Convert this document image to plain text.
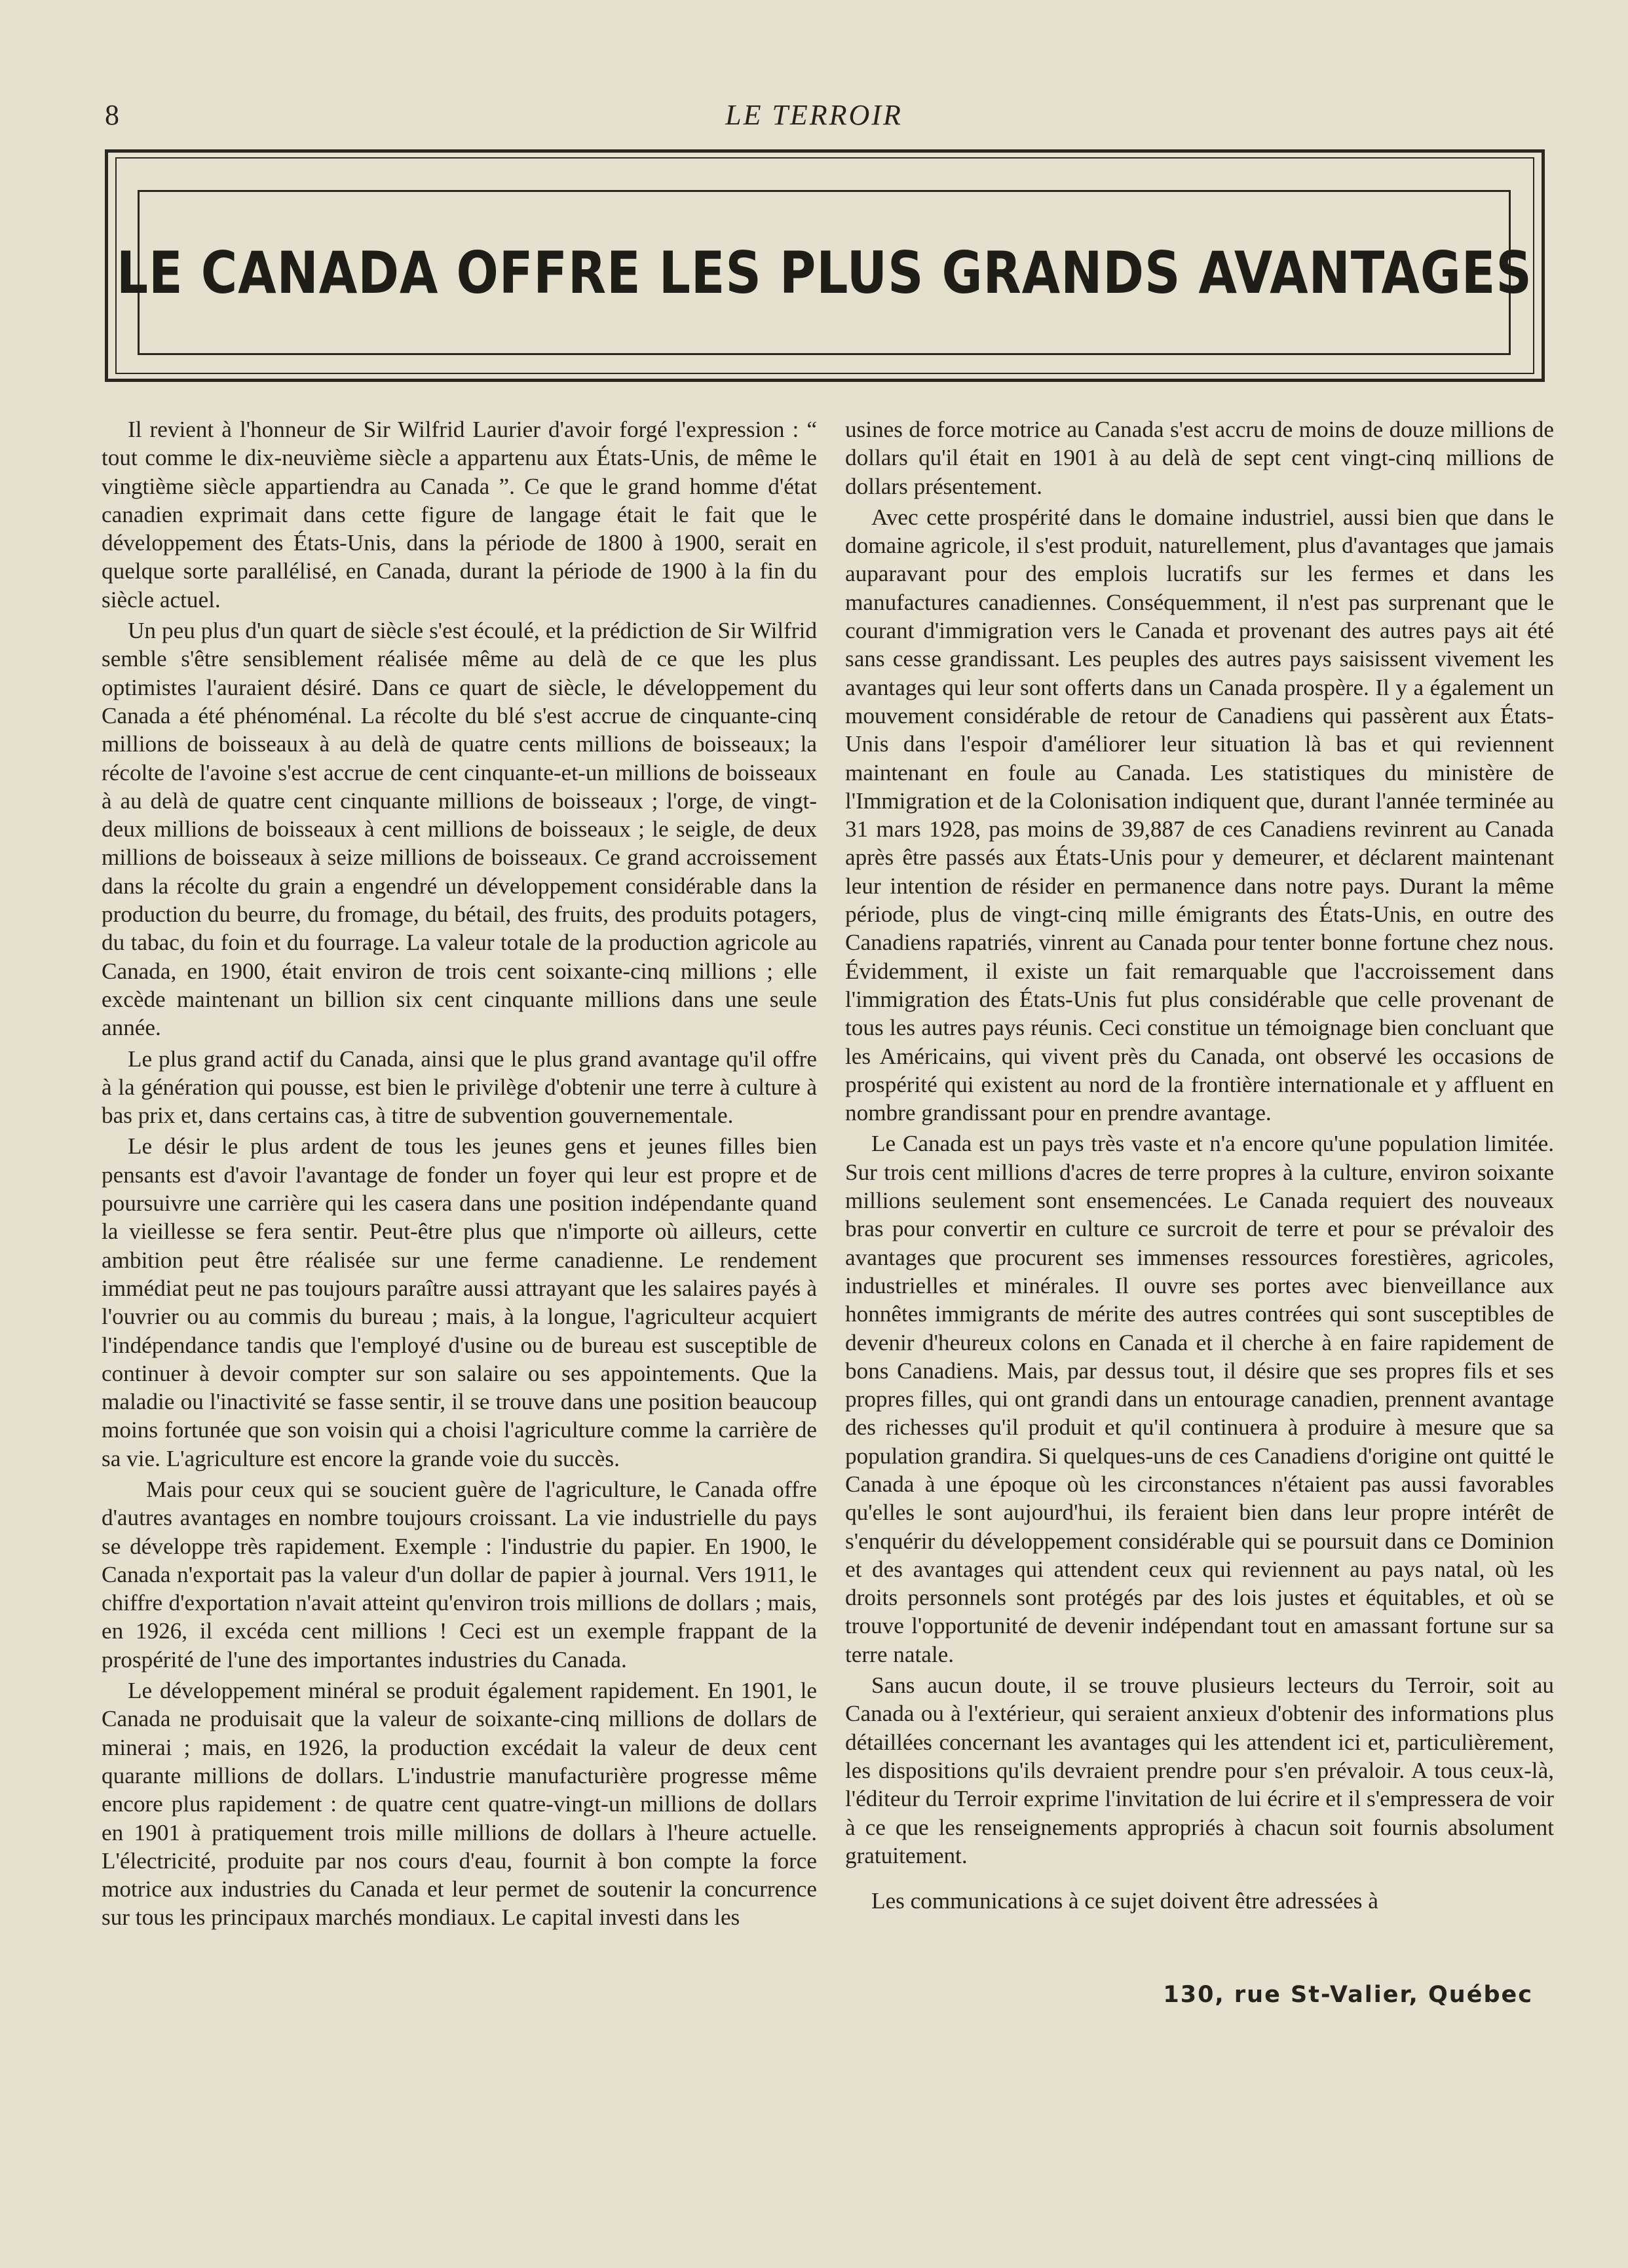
8	LE TERROIR
LE CANADA OFFRE LES PLUS GRANDS AVANTAGES

Il revient à l'honneur de Sir Wilfrid Laurier d'avoir forgé l'expression : “ tout comme le dix-neuvième siècle a appartenu aux États-Unis, de même le vingtième siècle appartiendra au Canada ”. Ce que le grand homme d'état canadien exprimait dans cette figure de langage était le fait que le développement des États-Unis, dans la période de 1800 à 1900, serait en quelque sorte parallélisé, en Canada, durant la période de 1900 à la fin du siècle actuel.

Un peu plus d'un quart de siècle s'est écoulé, et la prédiction de Sir Wilfrid semble s'être sensiblement réalisée même au delà de ce que les plus optimistes l'auraient désiré. Dans ce quart de siècle, le développement du Canada a été phénoménal. La récolte du blé s'est accrue de cinquante-cinq millions de boisseaux à au delà de quatre cents millions de boisseaux; la récolte de l'avoine s'est accrue de cent cinquante-et-un millions de boisseaux à au delà de quatre cent cinquante millions de boisseaux ; l'orge, de vingt-deux millions de boisseaux à cent millions de boisseaux ; le seigle, de deux millions de boisseaux à seize millions de boisseaux. Ce grand accroissement dans la récolte du grain a engendré un développement considérable dans la production du beurre, du fromage, du bétail, des fruits, des produits potagers, du tabac, du foin et du fourrage. La valeur totale de la production agricole au Canada, en 1900, était environ de trois cent soixante-cinq millions ; elle excède maintenant un billion six cent cinquante millions dans une seule année.

Le plus grand actif du Canada, ainsi que le plus grand avantage qu'il offre à la génération qui pousse, est bien le privilège d'obtenir une terre à culture à bas prix et, dans certains cas, à titre de subvention gouvernementale.

Le désir le plus ardent de tous les jeunes gens et jeunes filles bien pensants est d'avoir l'avantage de fonder un foyer qui leur est propre et de poursuivre une carrière qui les casera dans une position indépendante quand la vieillesse se fera sentir. Peut-être plus que n'importe où ailleurs, cette ambition peut être réalisée sur une ferme canadienne. Le rendement immédiat peut ne pas toujours paraître aussi attrayant que les salaires payés à l'ouvrier ou au commis du bureau ; mais, à la longue, l'agriculteur acquiert l'indépendance tandis que l'employé d'usine ou de bureau est susceptible de continuer à devoir compter sur son salaire ou ses appointements. Que la maladie ou l'inactivité se fasse sentir, il se trouve dans une position beaucoup moins fortunée que son voisin qui a choisi l'agriculture comme la carrière de sa vie. L'agriculture est encore la grande voie du succès.

Mais pour ceux qui se soucient guère de l'agriculture, le Canada offre d'autres avantages en nombre toujours croissant. La vie industrielle du pays se développe très rapidement. Exemple : l'industrie du papier. En 1900, le Canada n'exportait pas la valeur d'un dollar de papier à journal. Vers 1911, le chiffre d'exportation n'avait atteint qu'environ trois millions de dollars ; mais, en 1926, il excéda cent millions ! Ceci est un exemple frappant de la prospérité de l'une des importantes industries du Canada.

Le développement minéral se produit également rapidement. En 1901, le Canada ne produisait que la valeur de soixante-cinq millions de dollars de minerai ; mais, en 1926, la production excédait la valeur de deux cent quarante millions de dollars. L'industrie manufacturière progresse même encore plus rapidement : de quatre cent quatre-vingt-un millions de dollars en 1901 à pratiquement trois mille millions de dollars à l'heure actuelle. L'électricité, produite par nos cours d'eau, fournit à bon compte la force motrice aux industries du Canada et leur permet de soutenir la concurrence sur tous les principaux marchés mondiaux. Le capital investi dans les

usines de force motrice au Canada s'est accru de moins de douze millions de dollars qu'il était en 1901 à au delà de sept cent vingt-cinq millions de dollars présentement.

Avec cette prospérité dans le domaine industriel, aussi bien que dans le domaine agricole, il s'est produit, naturellement, plus d'avantages que jamais auparavant pour des emplois lucratifs sur les fermes et dans les manufactures canadiennes. Conséquemment, il n'est pas surprenant que le courant d'immigration vers le Canada et provenant des autres pays ait été sans cesse grandissant. Les peuples des autres pays saisissent vivement les avantages qui leur sont offerts dans un Canada prospère. Il y a également un mouvement considérable de retour de Canadiens qui passèrent aux États-Unis dans l'espoir d'améliorer leur situation là bas et qui reviennent maintenant en foule au Canada. Les statistiques du ministère de l'Immigration et de la Colonisation indiquent que, durant l'année terminée au 31 mars 1928, pas moins de 39,887 de ces Canadiens revinrent au Canada après être passés aux États-Unis pour y demeurer, et déclarent maintenant leur intention de résider en permanence dans notre pays. Durant la même période, plus de vingt-cinq mille émigrants des États-Unis, en outre des Canadiens rapatriés, vinrent au Canada pour tenter bonne fortune chez nous. Évidemment, il existe un fait remarquable que l'accroissement dans l'immigration des États-Unis fut plus considérable que celle provenant de tous les autres pays réunis. Ceci constitue un témoignage bien concluant que les Américains, qui vivent près du Canada, ont observé les occasions de prospérité qui existent au nord de la frontière internationale et y affluent en nombre grandissant pour en prendre avantage.

Le Canada est un pays très vaste et n'a encore qu'une population limitée. Sur trois cent millions d'acres de terre propres à la culture, environ soixante millions seulement sont ensemencées. Le Canada requiert des nouveaux bras pour convertir en culture ce surcroit de terre et pour se prévaloir des avantages que procurent ses immenses ressources forestières, agricoles, industrielles et minérales. Il ouvre ses portes avec bienveillance aux honnêtes immigrants de mérite des autres contrées qui sont susceptibles de devenir d'heureux colons en Canada et il cherche à en faire rapidement de bons Canadiens. Mais, par dessus tout, il désire que ses propres fils et ses propres filles, qui ont grandi dans un entourage canadien, prennent avantage des richesses qu'il produit et qu'il continuera à produire à mesure que sa population grandira. Si quelques-uns de ces Canadiens d'origine ont quitté le Canada à une époque où les circonstances n'étaient pas aussi favorables qu'elles le sont aujourd'hui, ils feraient bien dans leur propre intérêt de s'enquérir du développement considérable qui se poursuit dans ce Dominion et des avantages qui attendent ceux qui reviennent au pays natal, où les droits personnels sont protégés par des lois justes et équitables, et où se trouve l'opportunité de devenir indépendant tout en amassant fortune sur sa terre natale.

Sans aucun doute, il se trouve plusieurs lecteurs du Terroir, soit au Canada ou à l'extérieur, qui seraient anxieux d'obtenir des informations plus détaillées concernant les avantages qui les attendent ici et, particulièrement, les dispositions qu'ils devraient prendre pour s'en prévaloir. A tous ceux-là, l'éditeur du Terroir exprime l'invitation de lui écrire et il s'empressera de voir à ce que les renseignements appropriés à chacun soit fournis absolument gratuitement.

Les communications à ce sujet doivent être adressées à

130, rue St-Valier, Québec
